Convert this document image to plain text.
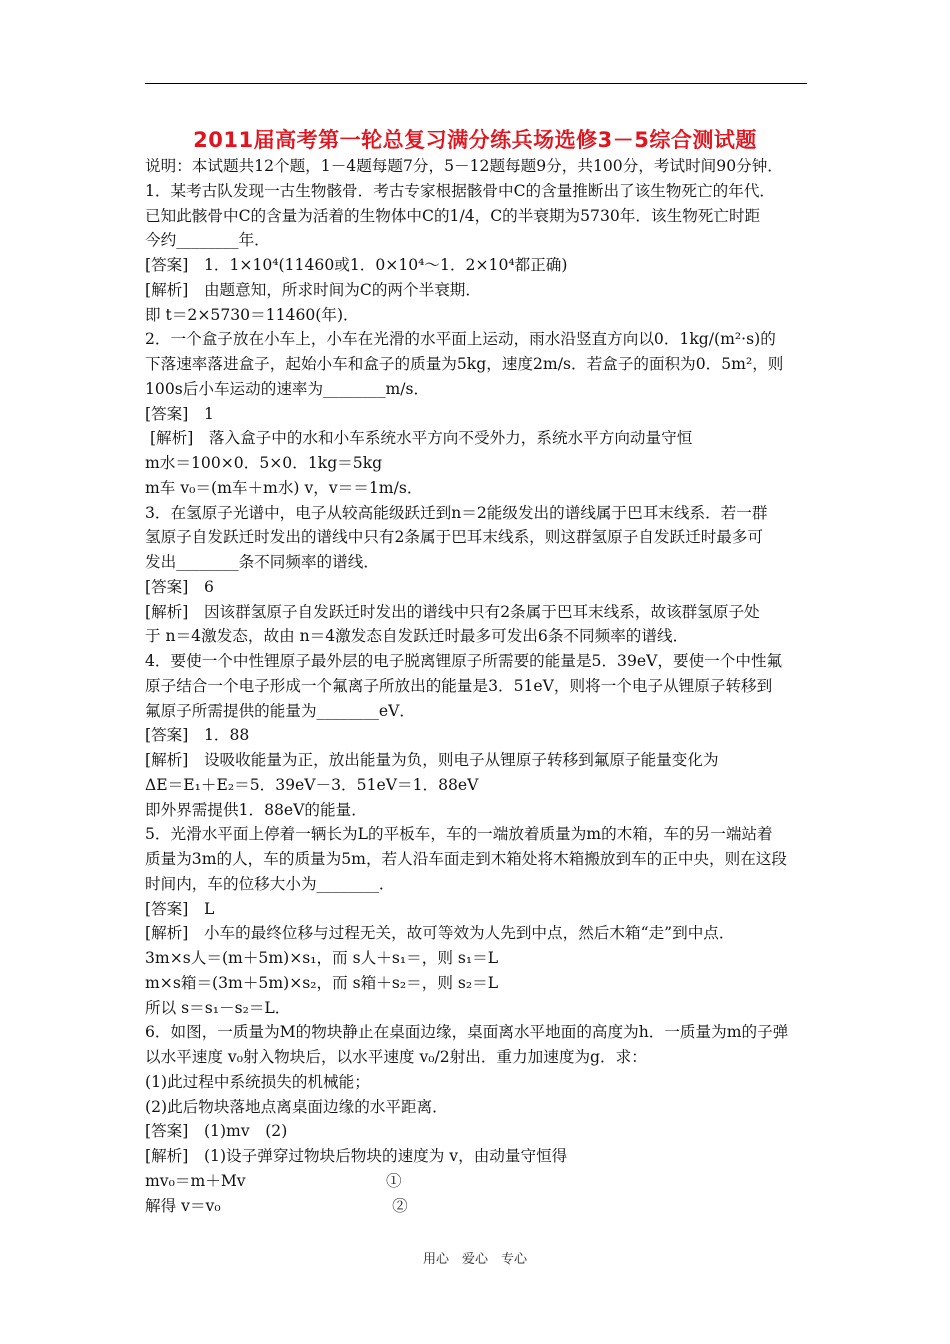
2011届高考第一轮总复习满分练兵场选修3－5综合测试题
说明：本试题共12个题，1－4题每题7分，5－12题每题9分，共100分，考试时间90分钟．
1．某考古队发现一古生物骸骨．考古专家根据骸骨中C的含量推断出了该生物死亡的年代．
已知此骸骨中C的含量为活着的生物体中C的1/4，C的半衰期为5730年．该生物死亡时距
今约________年．
[答案]　1．1×10⁴(11460或1．0×10⁴～1．2×10⁴都正确)
[解析]　由题意知，所求时间为C的两个半衰期．
即 t＝2×5730＝11460(年)．
2．一个盒子放在小车上，小车在光滑的水平面上运动，雨水沿竖直方向以0．1kg/(m²·s)的
下落速率落进盒子，起始小车和盒子的质量为5kg，速度2m/s．若盒子的面积为0．5m²，则
100s后小车运动的速率为________m/s．
[答案]　1
[解析]　落入盒子中的水和小车系统水平方向不受外力，系统水平方向动量守恒
m水＝100×0．5×0．1kg＝5kg
m车 v₀＝(m车＋m水) v，v＝＝1m/s．
3．在氢原子光谱中，电子从较高能级跃迁到n＝2能级发出的谱线属于巴耳末线系．若一群
氢原子自发跃迁时发出的谱线中只有2条属于巴耳末线系，则这群氢原子自发跃迁时最多可
发出________条不同频率的谱线．
[答案]　6
[解析]　因该群氢原子自发跃迁时发出的谱线中只有2条属于巴耳末线系，故该群氢原子处
于 n＝4激发态，故由 n＝4激发态自发跃迁时最多可发出6条不同频率的谱线．
4．要使一个中性锂原子最外层的电子脱离锂原子所需要的能量是5．39eV，要使一个中性氟
原子结合一个电子形成一个氟离子所放出的能量是3．51eV，则将一个电子从锂原子转移到
氟原子所需提供的能量为________eV．
[答案]　1．88
[解析]　设吸收能量为正，放出能量为负，则电子从锂原子转移到氟原子能量变化为
ΔE＝E₁＋E₂＝5．39eV－3．51eV＝1．88eV
即外界需提供1．88eV的能量．
5．光滑水平面上停着一辆长为L的平板车，车的一端放着质量为m的木箱，车的另一端站着
质量为3m的人，车的质量为5m，若人沿车面走到木箱处将木箱搬放到车的正中央，则在这段
时间内，车的位移大小为________．
[答案]　L
[解析]　小车的最终位移与过程无关，故可等效为人先到中点，然后木箱“走”到中点．
3m×s人＝(m＋5m)×s₁，而 s人＋s₁＝，则 s₁＝L
m×s箱＝(3m＋5m)×s₂，而 s箱＋s₂＝，则 s₂＝L
所以 s＝s₁－s₂＝L．
6．如图，一质量为M的物块静止在桌面边缘，桌面离水平地面的高度为h．一质量为m的子弹
以水平速度 v₀射入物块后，以水平速度 v₀/2射出．重力加速度为g．求：
(1)此过程中系统损失的机械能；
(2)此后物块落地点离桌面边缘的水平距离．
[答案]　(1)mv　(2)
[解析]　(1)设子弹穿过物块后物块的速度为 v，由动量守恒得
mv₀＝m＋Mv　　　　　　　　　①
解得 v＝v₀　　　　　　　　　　　②
用心　爱心　专心
